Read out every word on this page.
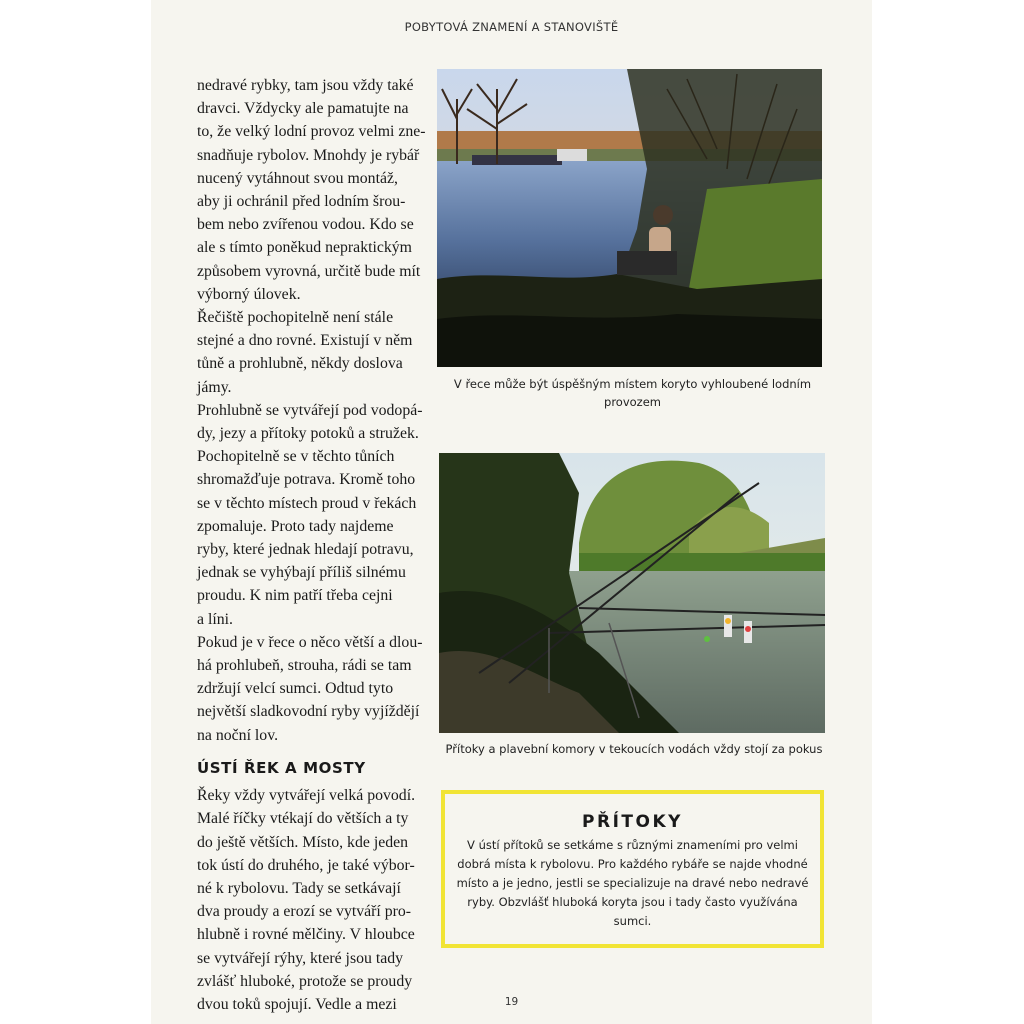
POBYTOVÁ ZNAMENÍ A STANOVIŠTĚ

nedravé rybky, tam jsou vždy také

dravci. Vždycky ale pamatujte na

to, že velký lodní provoz velmi zne-

snadňuje rybolov. Mnohdy je rybář

nucený vytáhnout svou montáž,

aby ji ochránil před lodním šrou-

bem nebo zvířenou vodou. Kdo se

ale s tímto poněkud nepraktickým

způsobem vyrovná, určitě bude mít

výborný úlovek.

Řečiště pochopitelně není stále

stejné a dno rovné. Existují v něm

tůně a prohlubně, někdy doslova

jámy.

Prohlubně se vytvářejí pod vodopá-

dy, jezy a přítoky potoků a stružek.

Pochopitelně se v těchto tůních

shromažďuje potrava. Kromě toho

se v těchto místech proud v řekách

zpomaluje. Proto tady najdeme

ryby, které jednak hledají potravu,

jednak se vyhýbají příliš silnému

proudu. K nim patří třeba cejni

a líni.

Pokud je v řece o něco větší a dlou-

há prohlubeň, strouha, rádi se tam

zdržují velcí sumci. Odtud tyto

největší sladkovodní ryby vyjíždějí

na noční lov.

ÚSTÍ ŘEK A MOSTY

Řeky vždy vytvářejí velká povodí.

Malé říčky vtékají do větších a ty

do ještě větších. Místo, kde jeden

tok ústí do druhého, je také výbor-

né k rybolovu. Tady se setkávají

dva proudy a erozí se vytváří pro-

hlubně i rovné mělčiny. V hloubce

se vytvářejí rýhy, které jsou tady

zvlášť hluboké, protože se proudy

dvou toků spojují. Vedle a mezi

V řece může být úspěšným místem koryto vyhloubené lodním
provozem
Přítoky a plavební komory v tekoucích vodách vždy stojí za pokus
PŘÍTOKY
V ústí přítoků se setkáme s různými znameními pro velmi
dobrá místa k rybolovu. Pro každého rybáře se najde vhodné
místo a je jedno, jestli se specializuje na dravé nebo nedravé
ryby. Obzvlášť hluboká koryta jsou i tady často využívána
sumci.
19
